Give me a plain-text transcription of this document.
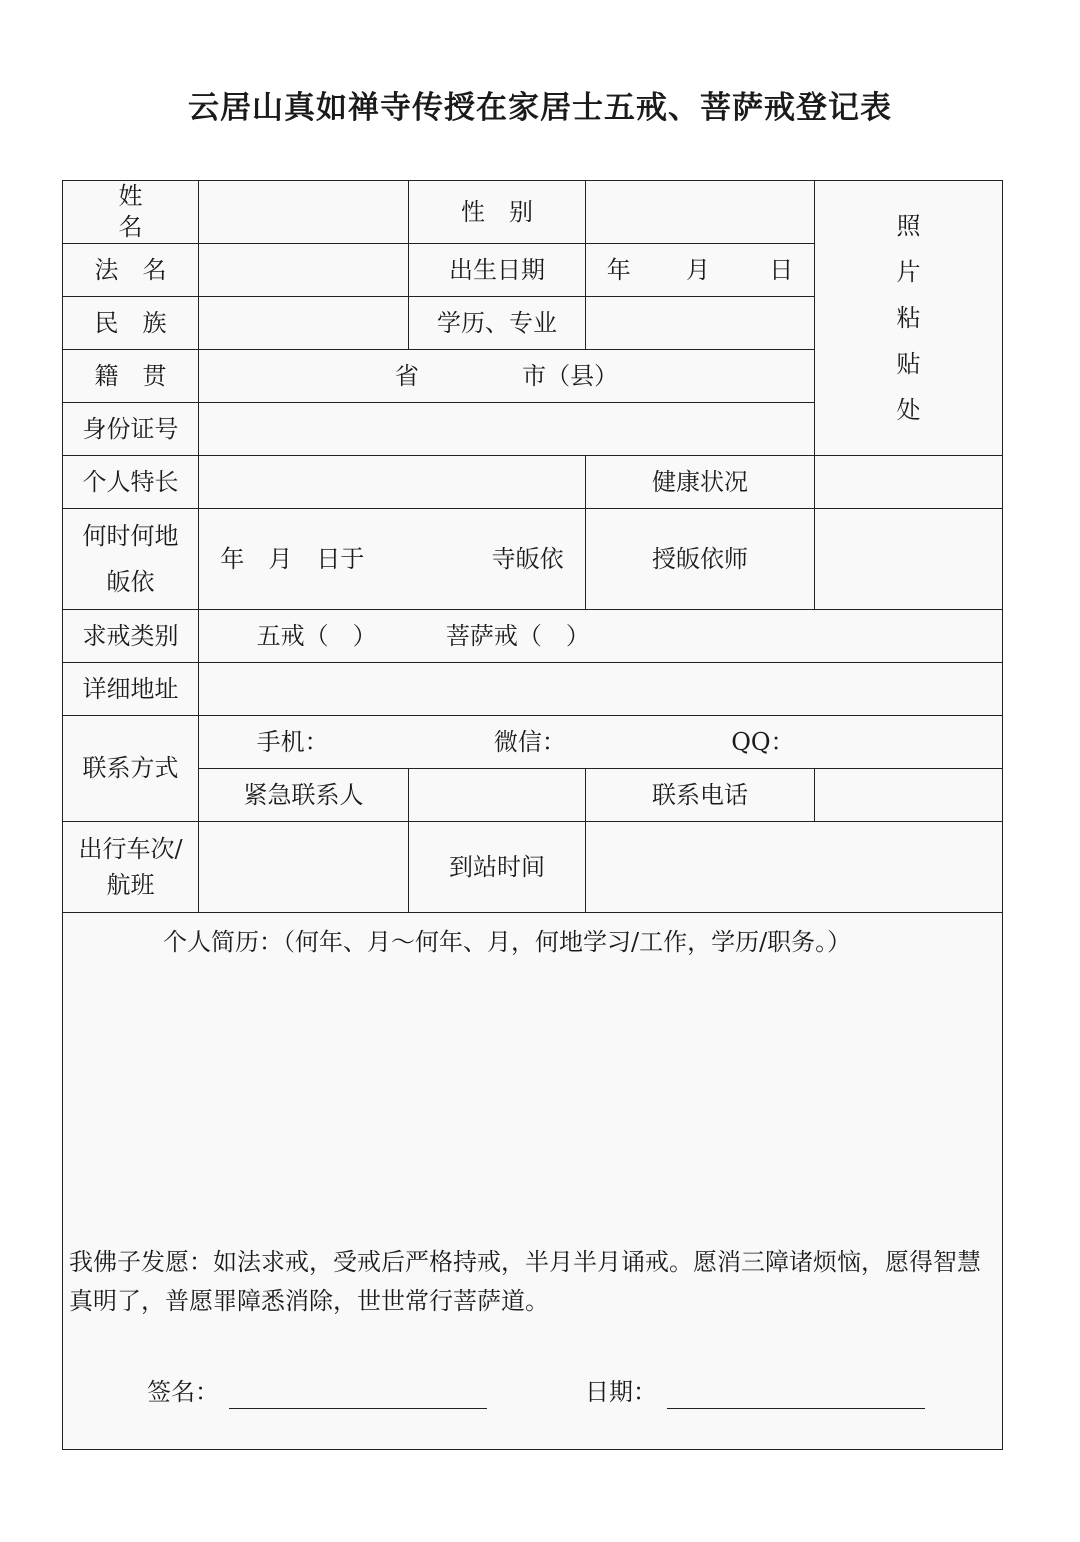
云居山真如禅寺传授在家居士五戒、菩萨戒登记表
姓　名		性　别		照片粘贴处
法　名		出生日期	年 月 日	
民　族		学历、专业		
籍　贯	省 市（县）			
身份证号				
个人特长			健康状况	

何时何地
皈依	年　月　日于 寺皈依		授皈依师	
求戒类别	五戒（　） 菩萨戒（　）			
详细地址				
联系方式	手机： 微信： QQ：			
	紧急联系人		联系电话	

出行车次/
航班		到站时间		

个人简历：（何年、月～何年、月，何地学习/工作，学历/职务。）
我佛子发愿：如法求戒，受戒后严格持戒，半月半月诵戒。愿消三障诸烦恼，愿得智慧真明了，普愿罪障悉消除，世世常行菩萨道。
签名： 日期：				
